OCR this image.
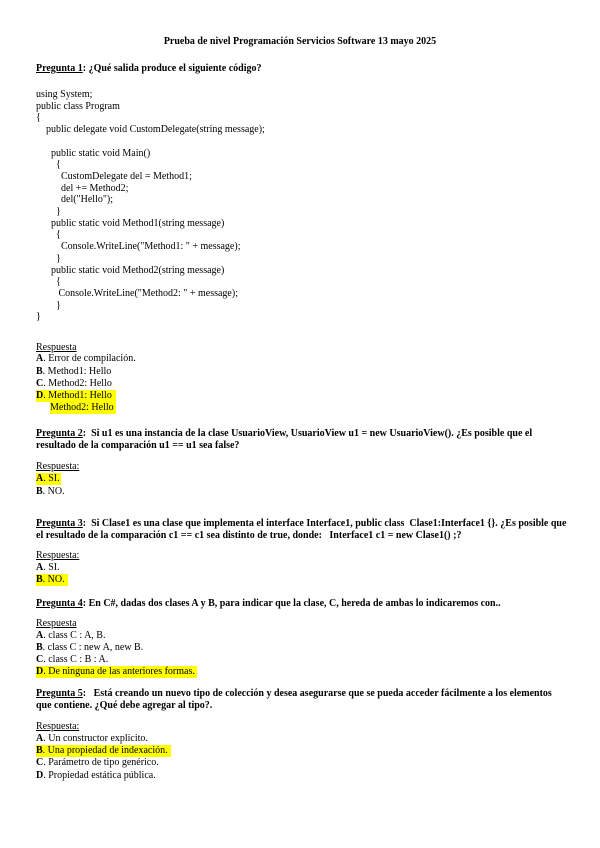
Prueba de nivel Programación Servicios Software 13 mayo 2025
Pregunta 1: ¿Qué salida produce el siguiente código?
using System;
public class Program
{
public delegate void CustomDelegate(string message);

public static void Main()
{
CustomDelegate del = Method1;
del += Method2;
del("Hello");
}
public static void Method1(string message)
{
Console.WriteLine("Method1: " + message);
}
public static void Method2(string message)
{
Console.WriteLine("Method2: " + message);
}
}
Respuesta
A. Error de compilación.
B. Method1: Hello
C. Method2: Hello
D. Method1: Hello
Method2: Hello
Pregunta 2:  Si u1 es una instancia de la clase UsuarioView, UsuarioView u1 = new UsuarioView(). ¿Es posible que el
resultado de la comparación u1 == u1 sea false?
Respuesta:
A. SI.
B. NO.
Pregunta 3:  Si Clase1 es una clase que implementa el interface Interface1, public class  Clase1:Interface1 {}. ¿Es posible que
el resultado de la comparación c1 == c1 sea distinto de true, donde:   Interface1 c1 = new Clase1() ;?
Respuesta:
A. SI.
B. NO.
Pregunta 4: En C#, dadas dos clases A y B, para indicar que la clase, C, hereda de ambas lo indicaremos con..
Respuesta
A. class C : A, B.
B. class C : new A, new B.
C. class C : B : A.
D. De ninguna de las anteriores formas.
Pregunta 5:   Está creando un nuevo tipo de colección y desea asegurarse que se pueda acceder fácilmente a los elementos
que contiene. ¿Qué debe agregar al tipo?.
Respuesta:
A. Un constructor explícito.
B. Una propiedad de indexación.
C. Parámetro de tipo genérico.
D. Propiedad estática pública.
